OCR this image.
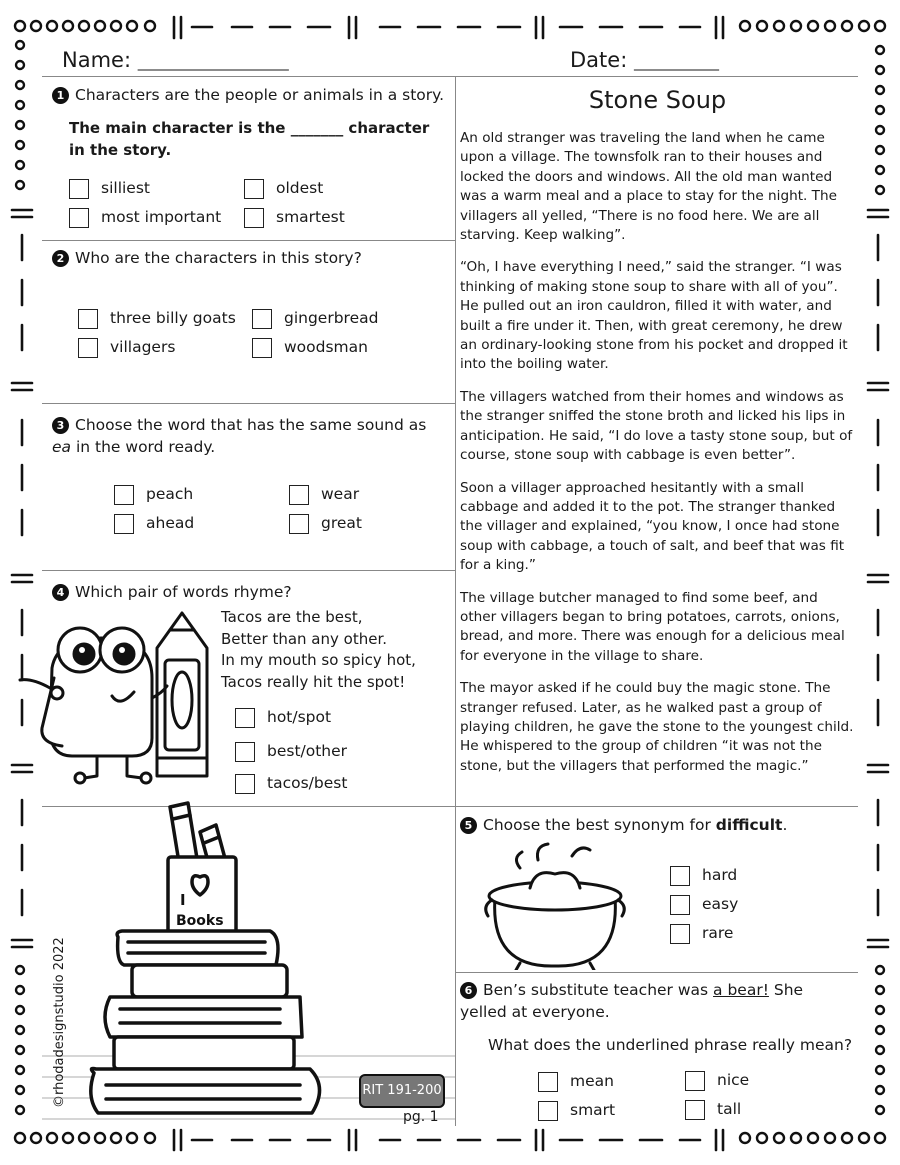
Name: _________________________	Date: ______________
1 Characters are the people or animals in a story.
The main character is the _______ character in the story.
silliest	oldest
most important	smartest
2 Who are the characters in this story?
three billy goats	gingerbread
villagers	woodsman
3 Choose the word that has the same sound as ea in the word ready.
peach	wear
ahead	great
4 Which pair of words rhyme?
Tacos are the best,
Better than any other.
In my mouth so spicy hot,
Tacos really hit the spot!
hot/spot
best/other
tacos/best
Stone Soup

An old stranger was traveling the land when he came upon a village. The townsfolk ran to their houses and locked the doors and windows. All the old man wanted was a warm meal and a place to stay for the night. The villagers all yelled, “There is no food here. We are all starving. Keep walking”.

“Oh, I have everything I need,” said the stranger. “I was thinking of making stone soup to share with all of you”. He pulled out an iron cauldron, filled it with water, and built a fire under it. Then, with great ceremony, he drew an ordinary-looking stone from his pocket and dropped it into the boiling water.

The villagers watched from their homes and windows as the stranger sniffed the stone broth and licked his lips in anticipation. He said, “I do love a tasty stone soup, but of course, stone soup with cabbage is even better”.

Soon a villager approached hesitantly with a small cabbage and added it to the pot. The stranger thanked the villager and explained, “you know, I once had stone soup with cabbage, a touch of salt, and beef that was fit for a king.”

The village butcher managed to find some beef, and other villagers began to bring potatoes, carrots, onions, bread, and more. There was enough for a delicious meal for everyone in the village to share.

The mayor asked if he could buy the magic stone. The stranger refused. Later, as he walked past a group of playing children, he gave the stone to the youngest child. He whispered to the group of children “it was not the stone, but the villagers that performed the magic.”

5 Choose the best synonym for difficult.
hard
easy
rare
6 Ben’s substitute teacher was a bear! She yelled at everyone.
What does the underlined phrase really mean?
mean	nice
smart	tall
I
Books
©rhodadesignstudio 2022	RIT 191-200
pg. 1
